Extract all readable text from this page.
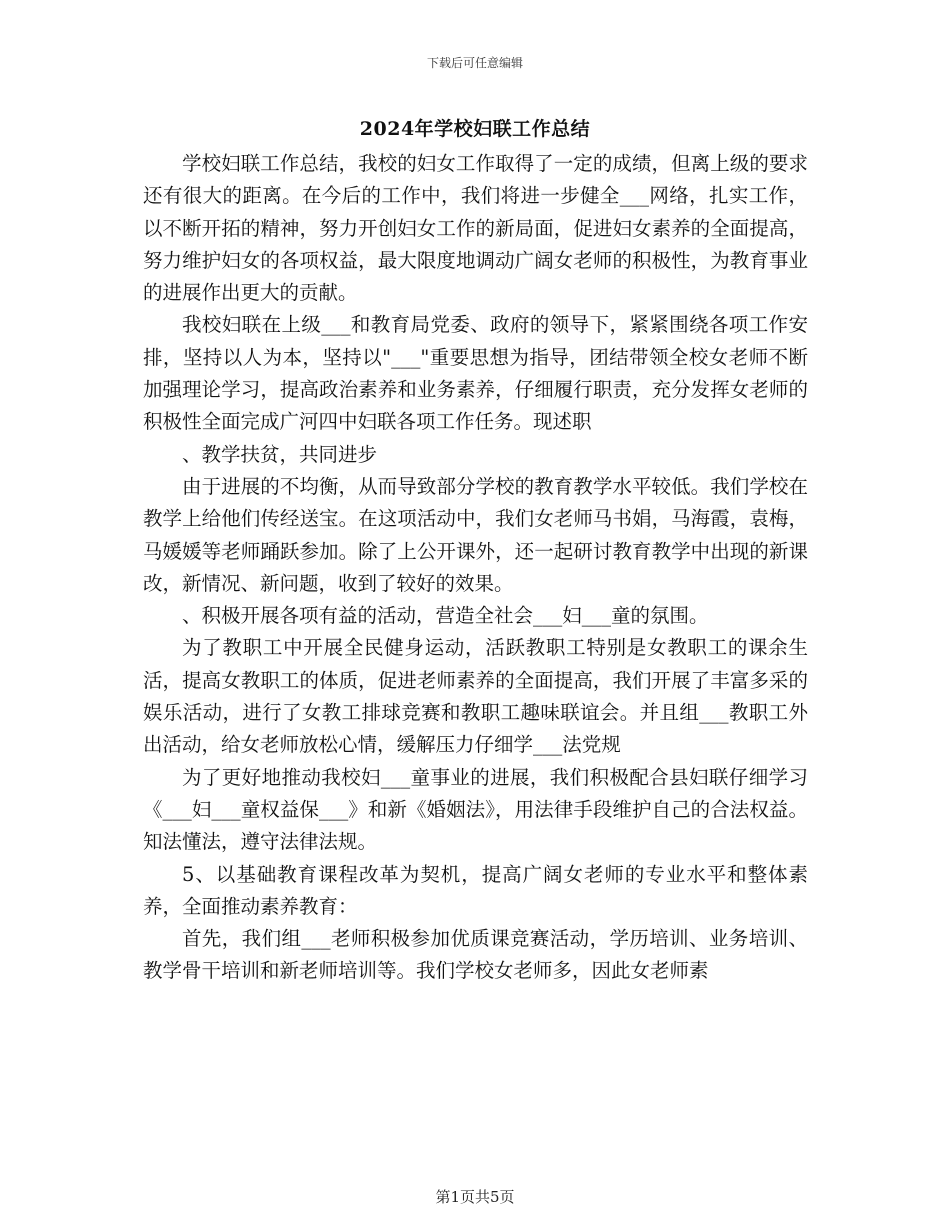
下载后可任意编辑
2024年学校妇联工作总结

学校妇联工作总结，我校的妇女工作取得了一定的成绩，但离上级的要求还有很大的距离。在今后的工作中，我们将进一步健全___网络，扎实工作，以不断开拓的精神，努力开创妇女工作的新局面，促进妇女素养的全面提高，努力维护妇女的各项权益，最大限度地调动广阔女老师的积极性，为教育事业的进展作出更大的贡献。

我校妇联在上级___和教育局党委、政府的领导下，紧紧围绕各项工作安排，坚持以人为本，坚持以"___"重要思想为指导，团结带领全校女老师不断加强理论学习，提高政治素养和业务素养，仔细履行职责，充分发挥女老师的积极性全面完成广河四中妇联各项工作任务。现述职

、教学扶贫，共同进步

由于进展的不均衡，从而导致部分学校的教育教学水平较低。我们学校在教学上给他们传经送宝。在这项活动中，我们女老师马书娟，马海霞，袁梅，马媛媛等老师踊跃参加。除了上公开课外，还一起研讨教育教学中出现的新课改，新情况、新问题，收到了较好的效果。

、积极开展各项有益的活动，营造全社会___妇___童的氛围。

为了教职工中开展全民健身运动，活跃教职工特别是女教职工的课余生活，提高女教职工的体质，促进老师素养的全面提高，我们开展了丰富多采的娱乐活动，进行了女教工排球竞赛和教职工趣味联谊会。并且组___教职工外出活动，给女老师放松心情，缓解压力仔细学___法党规

为了更好地推动我校妇___童事业的进展，我们积极配合县妇联仔细学习《___妇___童权益保___》和新《婚姻法》，用法律手段维护自己的合法权益。知法懂法，遵守法律法规。

5、以基础教育课程改革为契机，提高广阔女老师的专业水平和整体素养，全面推动素养教育：

首先，我们组___老师积极参加优质课竞赛活动，学历培训、业务培训、教学骨干培训和新老师培训等。我们学校女老师多，因此女老师素

第1页共5页
